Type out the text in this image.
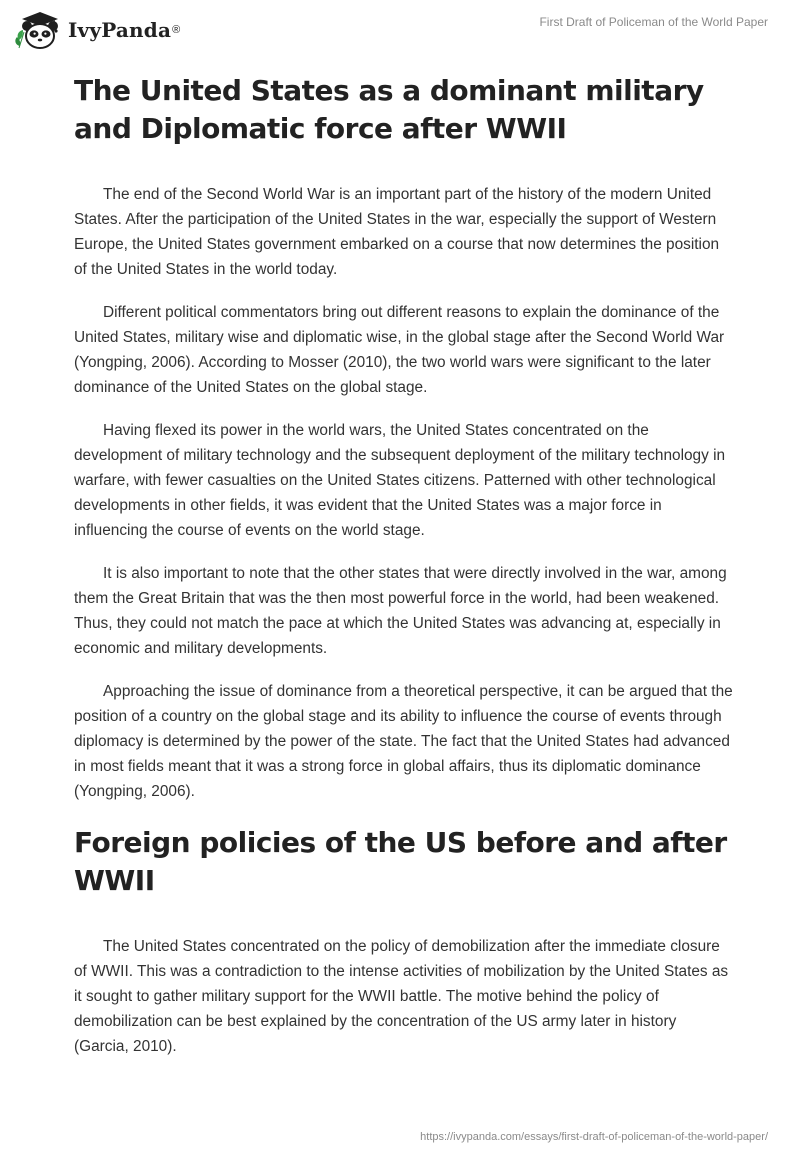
IvyPanda ®
First Draft of Policeman of the World Paper
The United States as a dominant military and Diplomatic force after WWII

The end of the Second World War is an important part of the history of the modern United States. After the participation of the United States in the war, especially the support of Western Europe, the United States government embarked on a course that now determines the position of the United States in the world today.

Different political commentators bring out different reasons to explain the dominance of the United States, military wise and diplomatic wise, in the global stage after the Second World War (Yongping, 2006). According to Mosser (2010), the two world wars were significant to the later dominance of the United States on the global stage.

Having flexed its power in the world wars, the United States concentrated on the development of military technology and the subsequent deployment of the military technology in warfare, with fewer casualties on the United States citizens. Patterned with other technological developments in other fields, it was evident that the United States was a major force in influencing the course of events on the world stage.

It is also important to note that the other states that were directly involved in the war, among them the Great Britain that was the then most powerful force in the world, had been weakened. Thus, they could not match the pace at which the United States was advancing at, especially in economic and military developments.

Approaching the issue of dominance from a theoretical perspective, it can be argued that the position of a country on the global stage and its ability to influence the course of events through diplomacy is determined by the power of the state. The fact that the United States had advanced in most fields meant that it was a strong force in global affairs, thus its diplomatic dominance (Yongping, 2006).

Foreign policies of the US before and after WWII

The United States concentrated on the policy of demobilization after the immediate closure of WWII. This was a contradiction to the intense activities of mobilization by the United States as it sought to gather military support for the WWII battle. The motive behind the policy of demobilization can be best explained by the concentration of the US army later in history (Garcia, 2010).

https://ivypanda.com/essays/first-draft-of-policeman-of-the-world-paper/
